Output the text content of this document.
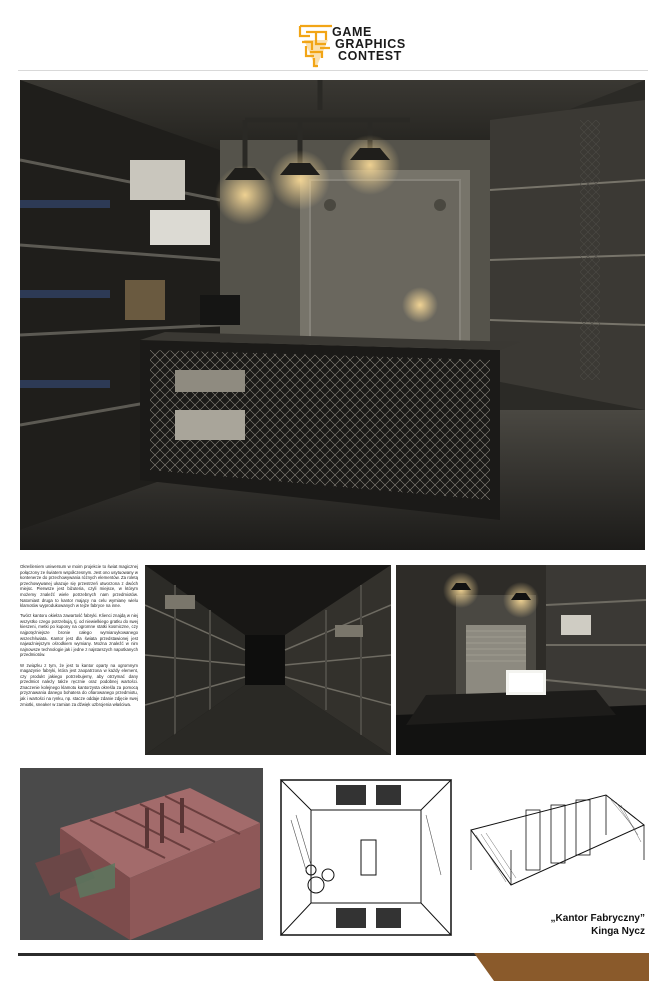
GAME
GRAPHICS
CONTEST

Określeniem uniwersum w moim projekcie to świat magicznej połączony ze światem współczesnym. Jest ono usytuowany w kontenerze do przechowywania różnych elementów. Za roletą przechowywanej ukazuje się przestrzeń utworzona z dwóch miejsc. Pierwsze jest biżuteria, czyli miejsce, w którym możemy znaleźć wiele potrzebnych nam przedmiotów. Natomiast druga to kantor mający na celu wymianę wielu klamotów wyprodukowanych w tejże fabryce na inne.

Twórz kantoru okiełza zawartość fabryki. Klienci znajdą w niej wszystko czego potrzebują, tj. od niewielkiego gratku do swej kieszeni, metki po kupony na ogromne statki kosmiczne, czy najpotężniejsze bronie całego wymiaruykowanego wszechświata. Kantor jest dla świata przedstawionej jest najważniejszym ośrodkiem wymiany. Można znaleźć w nim najnowsze technologie jak i jedne z najstarszych napotkanych przedmiotów.

W związku z tym, że jest to kantor oparty na ogromnym magazynie fabryki, która jest zaopatrzona w każdy element, czy produkt jakiego potrzebujemy, aby otrzymać dany przedmiot należy także ręcznie oraz podobnej wartości. Znaczenie kolejnego klamotu kantorzysta określa za pomocą przyznawania danego bohatera do ofiarowanego przedmiotu, jak i wartości na rynku, np. stacze oddaje zdanie zdjęcie swej zmiotki, sneaker w zamian za dźwięk uzbrojenia właściwa.

„Kantor Fabryczny”
Kinga Nycz
